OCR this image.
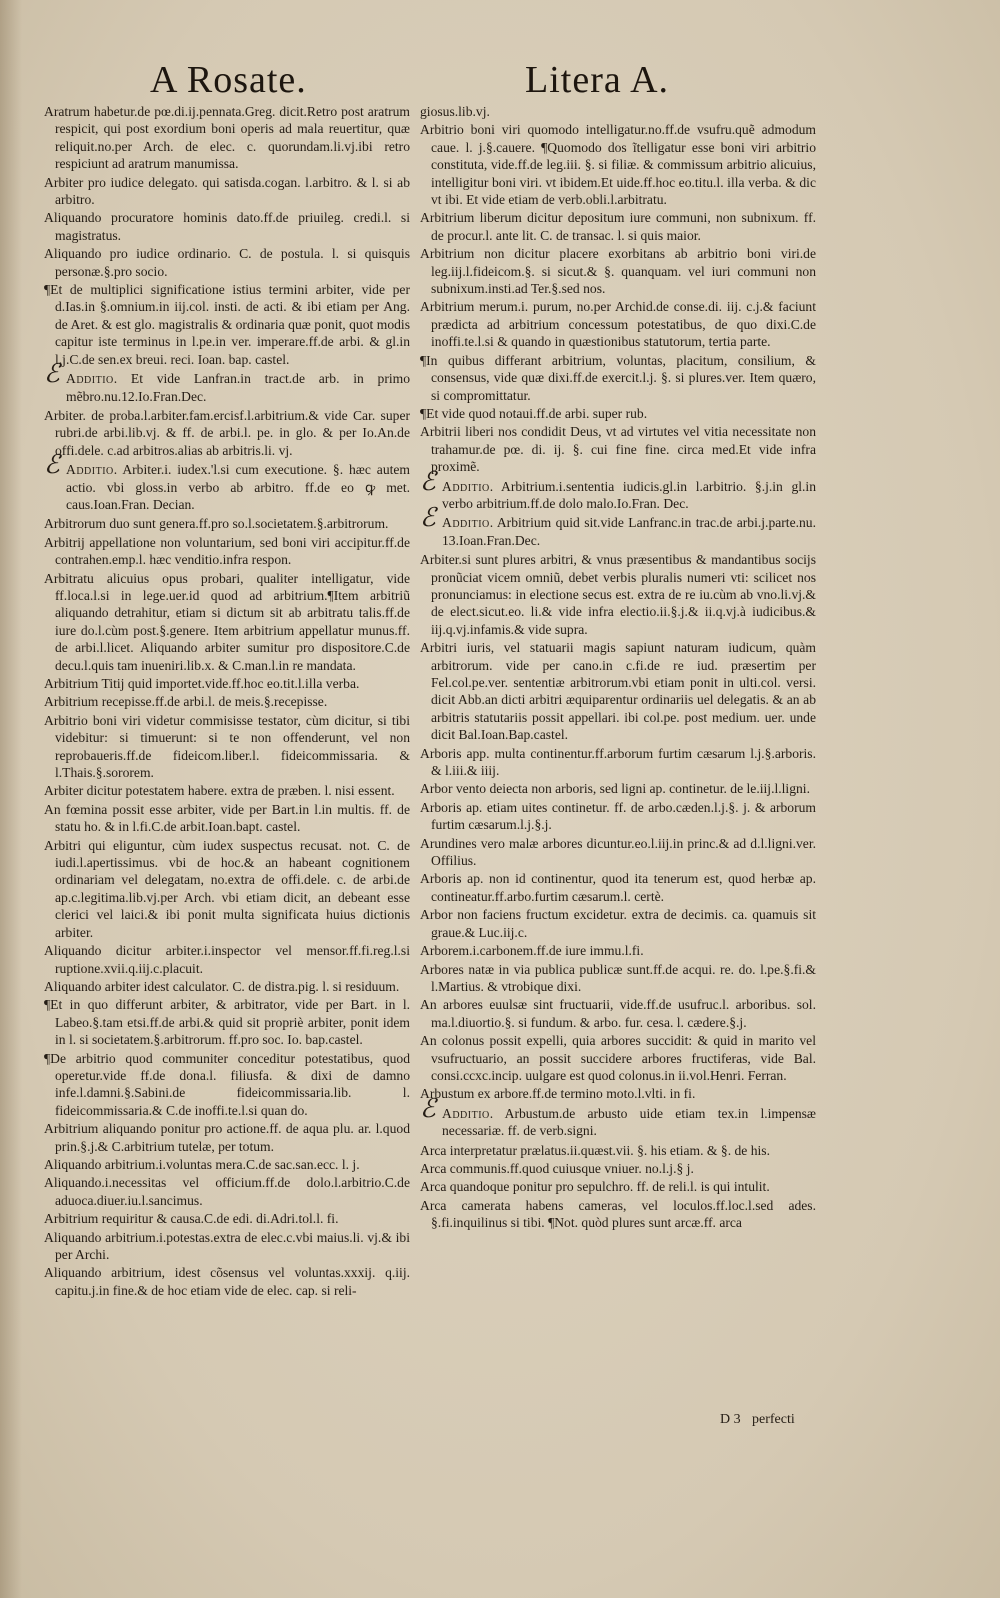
A Rosate.	Litera A.
Aratrum habetur.de pœ.di.ij.pennata.Greg. dicit.Retro post aratrum respicit, qui post exordium boni operis ad mala reuertitur, quæ reliquit.no.per Arch. de elec. c. quorundam.li.vj.ibi retro respiciunt ad aratrum manumissa.
Arbiter pro iudice delegato. qui satisda.cogan. l.arbitro. & l. si ab arbitro.
Aliquando procuratore hominis dato.ff.de priuileg. credi.l. si magistratus.
Aliquando pro iudice ordinario. C. de postula. l. si quisquis personæ.§.pro socio.
¶Et de multiplici significatione istius termini arbiter, vide per d.Ias.in §.omnium.in iij.col. insti. de acti. & ibi etiam per Ang. de Aret. & est glo. magistralis & ordinaria quæ ponit, quot modis capitur iste terminus in l.pe.in ver. imperare.ff.de arbi. & gl.in l.j.C.de sen.ex breui. reci. Ioan. bap. castel.
ℰ Additio. Et vide Lanfran.in tract.de arb. in primo mẽbro.nu.12.Io.Fran.Dec.
Arbiter. de proba.l.arbiter.fam.ercisf.l.arbitrium.& vide Car. super rubri.de arbi.lib.vj. & ff. de arbi.l. pe. in glo. & per Io.An.de offi.dele. c.ad arbitros.alias ab arbitris.li. vj.
ℰ Additio. Arbiter.i. iudex.'l.si cum executione. §. hæc autem actio. vbi gloss.in verbo ab arbitro. ff.de eo ꝙ met. caus.Ioan.Fran. Decian.
Arbitrorum duo sunt genera.ff.pro so.l.societatem.§.arbitrorum.
Arbitrij appellatione non voluntarium, sed boni viri accipitur.ff.de contrahen.emp.l. hæc venditio.infra respon.
Arbitratu alicuius opus probari, qualiter intelligatur, vide ff.loca.l.si in lege.uer.id quod ad arbitrium.¶Item arbitriũ aliquando detrahitur, etiam si dictum sit ab arbitratu talis.ff.de iure do.l.cùm post.§.genere. Item arbitrium appellatur munus.ff. de arbi.l.licet. Aliquando arbiter sumitur pro dispositore.C.de decu.l.quis tam inueniri.lib.x. & C.man.l.in re mandata.
Arbitrium Titij quid importet.vide.ff.hoc eo.tit.l.illa verba.
Arbitrium recepisse.ff.de arbi.l. de meis.§.recepisse.
Arbitrio boni viri videtur commisisse testator, cùm dicitur, si tibi videbitur: si timuerunt: si te non offenderunt, vel non reprobaueris.ff.de fideicom.liber.l. fideicommissaria. & l.Thais.§.sororem.
Arbiter dicitur potestatem habere. extra de præben. l. nisi essent.
An fœmina possit esse arbiter, vide per Bart.in l.in multis. ff. de statu ho. & in l.fi.C.de arbit.Ioan.bapt. castel.
Arbitri qui eliguntur, cùm iudex suspectus recusat. not. C. de iudi.l.apertissimus. vbi de hoc.& an habeant cognitionem ordinariam vel delegatam, no.extra de offi.dele. c. de arbi.de ap.c.legitima.lib.vj.per Arch. vbi etiam dicit, an debeant esse clerici vel laici.& ibi ponit multa significata huius dictionis arbiter.
Aliquando dicitur arbiter.i.inspector vel mensor.ff.fi.reg.l.si ruptione.xvii.q.iij.c.placuit.
Aliquando arbiter idest calculator. C. de distra.pig. l. si residuum.
¶Et in quo differunt arbiter, & arbitrator, vide per Bart. in l. Labeo.§.tam etsi.ff.de arbi.& quid sit propriè arbiter, ponit idem in l. si societatem.§.arbitrorum. ff.pro soc. Io. bap.castel.
¶De arbitrio quod communiter conceditur potestatibus, quod operetur.vide ff.de dona.l. filiusfa. & dixi de damno infe.l.damni.§.Sabini.de fideicommissaria.lib. l. fideicommissaria.& C.de inoffi.te.l.si quan do.
Arbitrium aliquando ponitur pro actione.ff. de aqua plu. ar. l.quod prin.§.j.& C.arbitrium tutelæ, per totum.
Aliquando arbitrium.i.voluntas mera.C.de sac.san.ecc. l. j.
Aliquando.i.necessitas vel officium.ff.de dolo.l.arbitrio.C.de aduoca.diuer.iu.l.sancimus.
Arbitrium requiritur & causa.C.de edi. di.Adri.tol.l. fi.
Aliquando arbitrium.i.potestas.extra de elec.c.vbi maius.li. vj.& ibi per Archi.
Aliquando arbitrium, idest cõsensus vel voluntas.xxxij. q.iij. capitu.j.in fine.& de hoc etiam vide de elec. cap. si reli-
giosus.lib.vj.
Arbitrio boni viri quomodo intelligatur.no.ff.de vsufru.quẽ admodum caue. l. j.§.cauere. ¶Quomodo dos ĩtelligatur esse boni viri arbitrio constituta, vide.ff.de leg.iii. §. si filiæ. & commissum arbitrio alicuius, intelligitur boni viri. vt ibidem.Et uide.ff.hoc eo.titu.l. illa verba. & dic vt ibi. Et vide etiam de verb.obli.l.arbitratu.
Arbitrium liberum dicitur depositum iure communi, non subnixum. ff. de procur.l. ante lit. C. de transac. l. si quis maior.
Arbitrium non dicitur placere exorbitans ab arbitrio boni viri.de leg.iij.l.fideicom.§. si sicut.& §. quanquam. vel iuri communi non subnixum.insti.ad Ter.§.sed nos.
Arbitrium merum.i. purum, no.per Archid.de conse.di. iij. c.j.& faciunt prædicta ad arbitrium concessum potestatibus, de quo dixi.C.de inoffi.te.l.si & quando in quæstionibus statutorum, tertia parte.
¶In quibus differant arbitrium, voluntas, placitum, consilium, & consensus, vide quæ dixi.ff.de exercit.l.j. §. si plures.ver. Item quæro, si compromittatur.
¶Et vide quod notaui.ff.de arbi. super rub.
Arbitrii liberi nos condidit Deus, vt ad virtutes vel vitia necessitate non trahamur.de pœ. di. ij. §. cui fine fine. circa med.Et vide infra proximẽ.
ℰ Additio. Arbitrium.i.sententia iudicis.gl.in l.arbitrio. §.j.in gl.in verbo arbitrium.ff.de dolo malo.Io.Fran. Dec.
ℰ Additio. Arbitrium quid sit.vide Lanfranc.in trac.de arbi.j.parte.nu. 13.Ioan.Fran.Dec.
Arbiter.si sunt plures arbitri, & vnus præsentibus & mandantibus socijs pronũciat vicem omniũ, debet verbis pluralis numeri vti: scilicet nos pronunciamus: in electione secus est. extra de re iu.cùm ab vno.li.vj.& de elect.sicut.eo. li.& vide infra electio.ii.§.j.& ii.q.vj.à iudicibus.& iij.q.vj.infamis.& vide supra.
Arbitri iuris, vel statuarii magis sapiunt naturam iudicum, quàm arbitrorum. vide per cano.in c.fi.de re iud. præsertim per Fel.col.pe.ver. sententiæ arbitrorum.vbi etiam ponit in ulti.col. versi. dicit Abb.an dicti arbitri æquiparentur ordinariis uel delegatis. & an ab arbitris statutariis possit appellari. ibi col.pe. post medium. uer. unde dicit Bal.Ioan.Bap.castel.
Arboris app. multa continentur.ff.arborum furtim cæsarum l.j.§.arboris. & l.iii.& iiij.
Arbor vento deiecta non arboris, sed ligni ap. continetur. de le.iij.l.ligni.
Arboris ap. etiam uites continetur. ff. de arbo.cæden.l.j.§. j. & arborum furtim cæsarum.l.j.§.j.
Arundines vero malæ arbores dicuntur.eo.l.iij.in princ.& ad d.l.ligni.ver. Offilius.
Arboris ap. non id continentur, quod ita tenerum est, quod herbæ ap. contineatur.ff.arbo.furtim cæsarum.l. certè.
Arbor non faciens fructum excidetur. extra de decimis. ca. quamuis sit graue.& Luc.iij.c.
Arborem.i.carbonem.ff.de iure immu.l.fi.
Arbores natæ in via publica publicæ sunt.ff.de acqui. re. do. l.pe.§.fi.& l.Martius. & vtrobique dixi.
An arbores euulsæ sint fructuarii, vide.ff.de usufruc.l. arboribus. sol. ma.l.diuortio.§. si fundum. & arbo. fur. cesa. l. cædere.§.j.
An colonus possit expelli, quia arbores succidit: & quid in marito vel vsufructuario, an possit succidere arbores fructiferas, vide Bal. consi.ccxc.incip. uulgare est quod colonus.in ii.vol.Henri. Ferran.
Arbustum ex arbore.ff.de termino moto.l.vlti. in fi.
ℰ Additio. Arbustum.de arbusto uide etiam tex.in l.impensæ necessariæ. ff. de verb.signi.
Arca interpretatur prælatus.ii.quæst.vii. §. his etiam. & §. de his.
Arca communis.ff.quod cuiusque vniuer. no.l.j.§ j.
Arca quandoque ponitur pro sepulchro. ff. de reli.l. is qui intulit.
Arca camerata habens cameras, vel loculos.ff.loc.l.sed ades. §.fi.inquilinus si tibi. ¶Not. quòd plures sunt arcæ.ff. arca
D 3 perfecti
